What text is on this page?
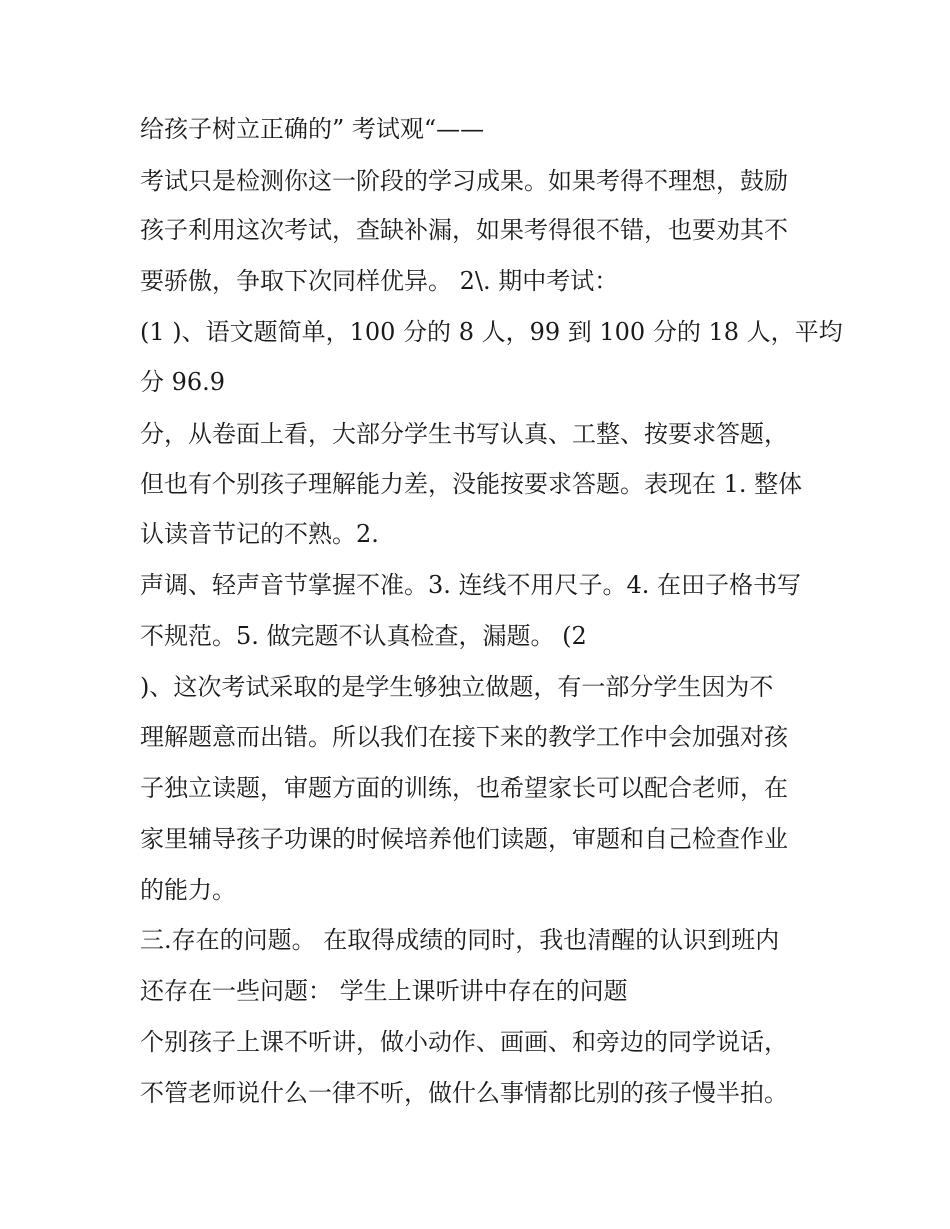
给孩子树立正确的” 考试观“——
考试只是检测你这一阶段的学习成果。如果考得不理想，鼓励
孩子利用这次考试，查缺补漏，如果考得很不错，也要劝其不
要骄傲，争取下次同样优异。 2\. 期中考试：
(1 )、语文题简单，100 分的 8 人，99 到 100 分的 18 人，平均
分 96.9
分，从卷面上看，大部分学生书写认真、工整、按要求答题，
但也有个别孩子理解能力差，没能按要求答题。表现在 1. 整体
认读音节记的不熟。2.
声调、轻声音节掌握不准。3. 连线不用尺子。4. 在田子格书写
不规范。5. 做完题不认真检查，漏题。 (2
)、这次考试采取的是学生够独立做题，有一部分学生因为不
理解题意而出错。所以我们在接下来的教学工作中会加强对孩
子独立读题，审题方面的训练，也希望家长可以配合老师，在
家里辅导孩子功课的时候培养他们读题，审题和自己检查作业
的能力。
三.存在的问题。 在取得成绩的同时，我也清醒的认识到班内
还存在一些问题： 学生上课听讲中存在的问题
个别孩子上课不听讲，做小动作、画画、和旁边的同学说话，
不管老师说什么一律不听，做什么事情都比别的孩子慢半拍。
